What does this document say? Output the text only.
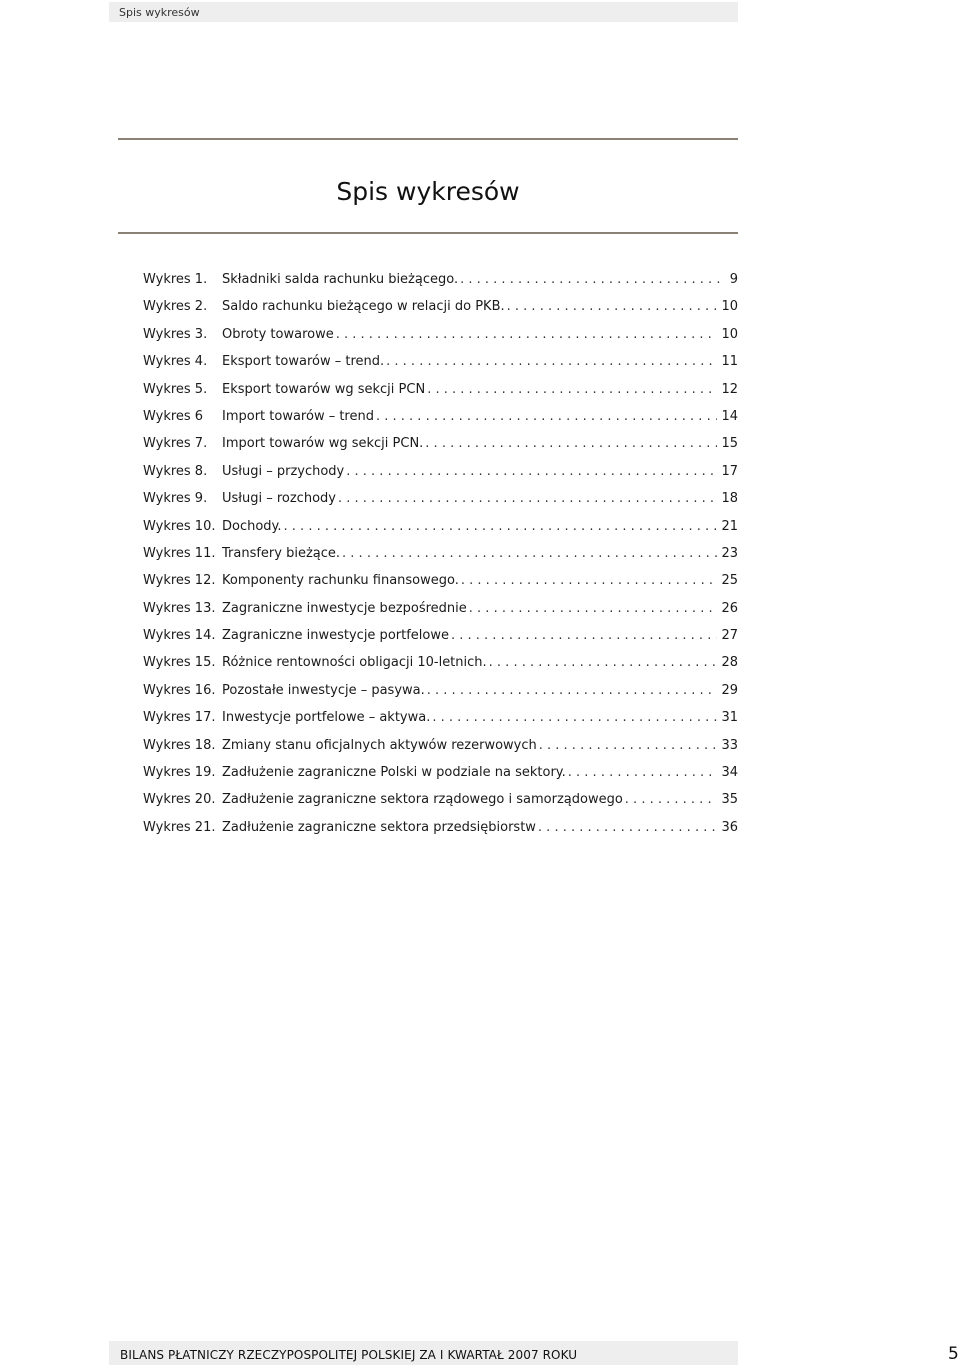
Spis wykresów
Spis wykresów
Wykres 1.	Składniki salda rachunku bieżącego. . . .	9
Wykres 2.	Saldo rachunku bieżącego w relacji do PKB. . . .	10
Wykres 3.	Obroty towarowe . . .	10
Wykres 4.	Eksport towarów – trend. . . .	11
Wykres 5.	Eksport towarów wg sekcji PCN . . .	12
Wykres 6	Import towarów – trend . . .	14
Wykres 7.	Import towarów wg sekcji PCN. . . .	15
Wykres 8.	Usługi – przychody . . .	17
Wykres 9.	Usługi – rozchody . . .	18
Wykres 10. Dochody. . . .	21
Wykres 11. Transfery bieżące. . . .	23
Wykres 12. Komponenty rachunku finansowego. . . .	25
Wykres 13. Zagraniczne inwestycje bezpośrednie . . .	26
Wykres 14. Zagraniczne inwestycje portfelowe . . .	27
Wykres 15. Różnice rentowności obligacji 10-letnich. . . .	28
Wykres 16. Pozostałe inwestycje – pasywa. . . .	29
Wykres 17. Inwestycje portfelowe – aktywa. . . .	31
Wykres 18. Zmiany stanu oficjalnych aktywów rezerwowych . . .	33
Wykres 19. Zadłużenie zagraniczne Polski w podziale na sektory. . . .	34
Wykres 20. Zadłużenie zagraniczne sektora rządowego i samorządowego . . .	35
Wykres 21. Zadłużenie zagraniczne sektora przedsiębiorstw . . .	36
BILANS PŁATNICZY RZECZYPOSPOLITEJ POLSKIEJ ZA I KWARTAŁ 2007 ROKU	5
